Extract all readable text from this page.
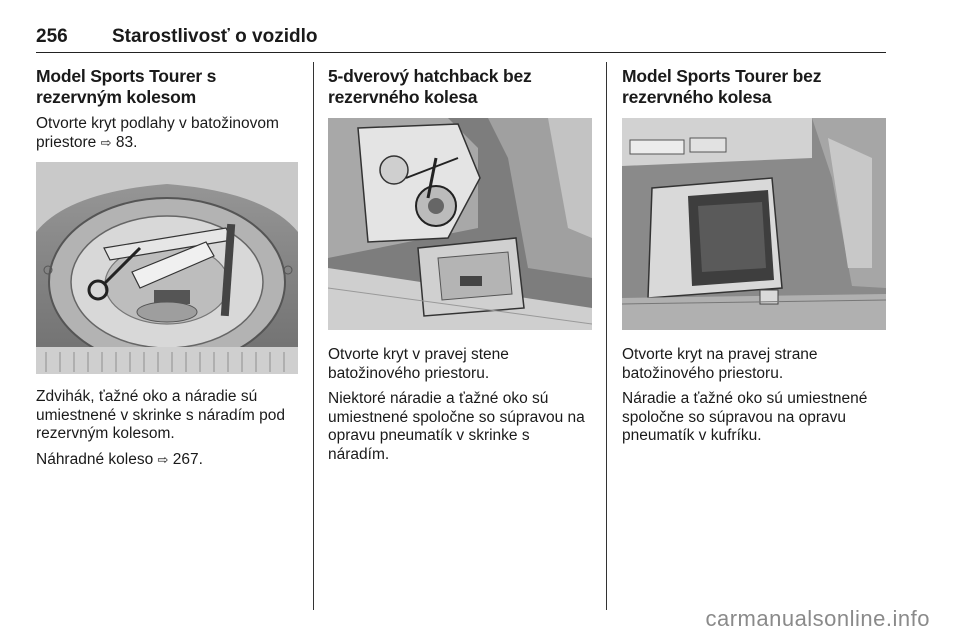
256 Starostlivosť o vozidlo
Model Sports Tourer s rezervným kolesom

Otvorte kryt podlahy v batožinovom priestore ⇨ 83.

Zdvihák, ťažné oko a náradie sú umiestnené v skrinke s náradím pod rezervným kolesom.

Náhradné koleso ⇨ 267.

5-dverový hatchback bez rezervného kolesa

Otvorte kryt v pravej stene batožinového priestoru.

Niektoré náradie a ťažné oko sú umiestnené spoločne so súpravou na opravu pneumatík v skrinke s náradím.

Model Sports Tourer bez rezervného kolesa

Otvorte kryt na pravej strane batožinového priestoru.

Náradie a ťažné oko sú umiestnené spoločne so súpravou na opravu pneumatík v kufríku.

carmanualsonline.info
